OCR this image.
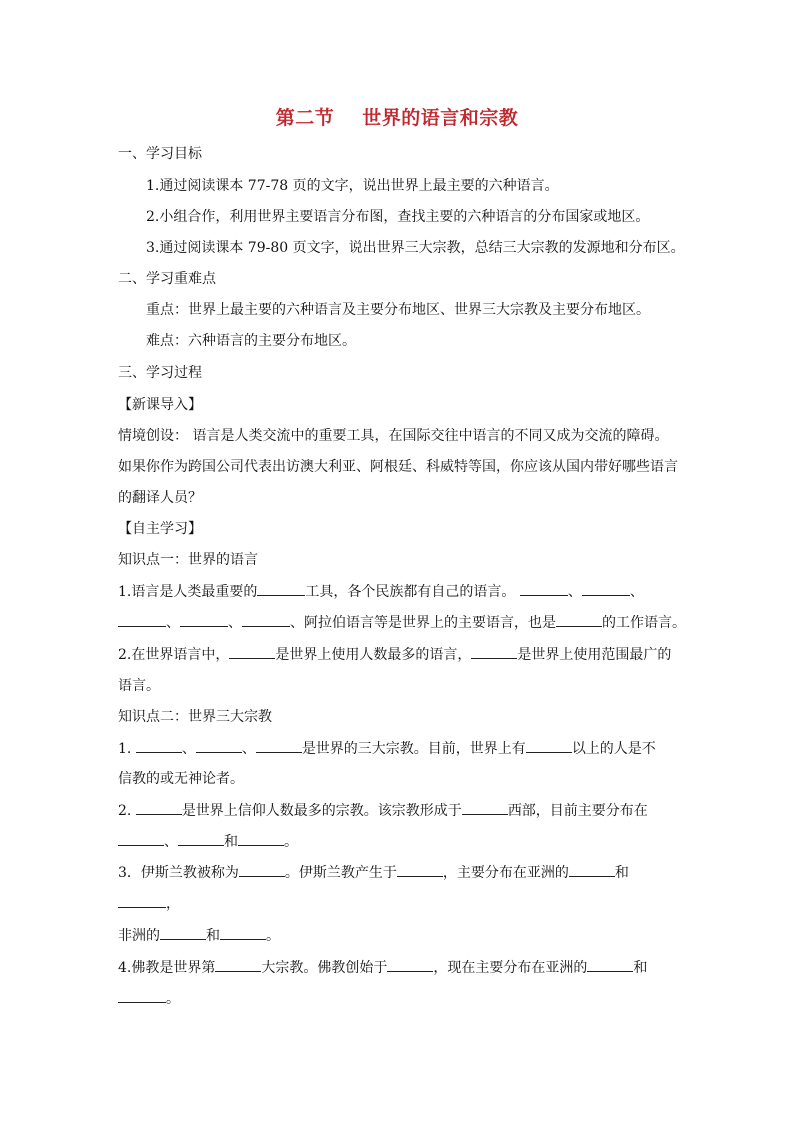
第二节 世界的语言和宗教
一、学习目标
1.通过阅读课本 77-78 页的文字，说出世界上最主要的六种语言。
2.小组合作，利用世界主要语言分布图，查找主要的六种语言的分布国家或地区。
3.通过阅读课本 79-80 页文字，说出世界三大宗教，总结三大宗教的发源地和分布区。
二、学习重难点
重点：世界上最主要的六种语言及主要分布地区、世界三大宗教及主要分布地区。
难点：六种语言的主要分布地区。
三、学习过程
【新课导入】
情境创设： 语言是人类交流中的重要工具，在国际交往中语言的不同又成为交流的障碍。
如果你作为跨国公司代表出访澳大利亚、阿根廷、科威特等国，你应该从国内带好哪些语言
的翻译人员？
【自主学习】
知识点一：世界的语言
1.语言是人类最重要的	工具，各个民族都有自己的语言。	、	、
、	、	、阿拉伯语言等是世界上的主要语言，也是	的工作语言。
2.在世界语言中，	是世界上使用人数最多的语言，	是世界上使用范围最广的
语言。
知识点二：世界三大宗教
1.	、	、	是世界的三大宗教。目前，世界上有	以上的人是不
信教的或无神论者。
2.	是世界上信仰人数最多的宗教。该宗教形成于	西部，目前主要分布在
、	和	。
3．伊斯兰教被称为	。伊斯兰教产生于	，主要分布在亚洲的	和
，
非洲的	和	。
4.佛教是世界第	大宗教。佛教创始于	，现在主要分布在亚洲的	和
。
